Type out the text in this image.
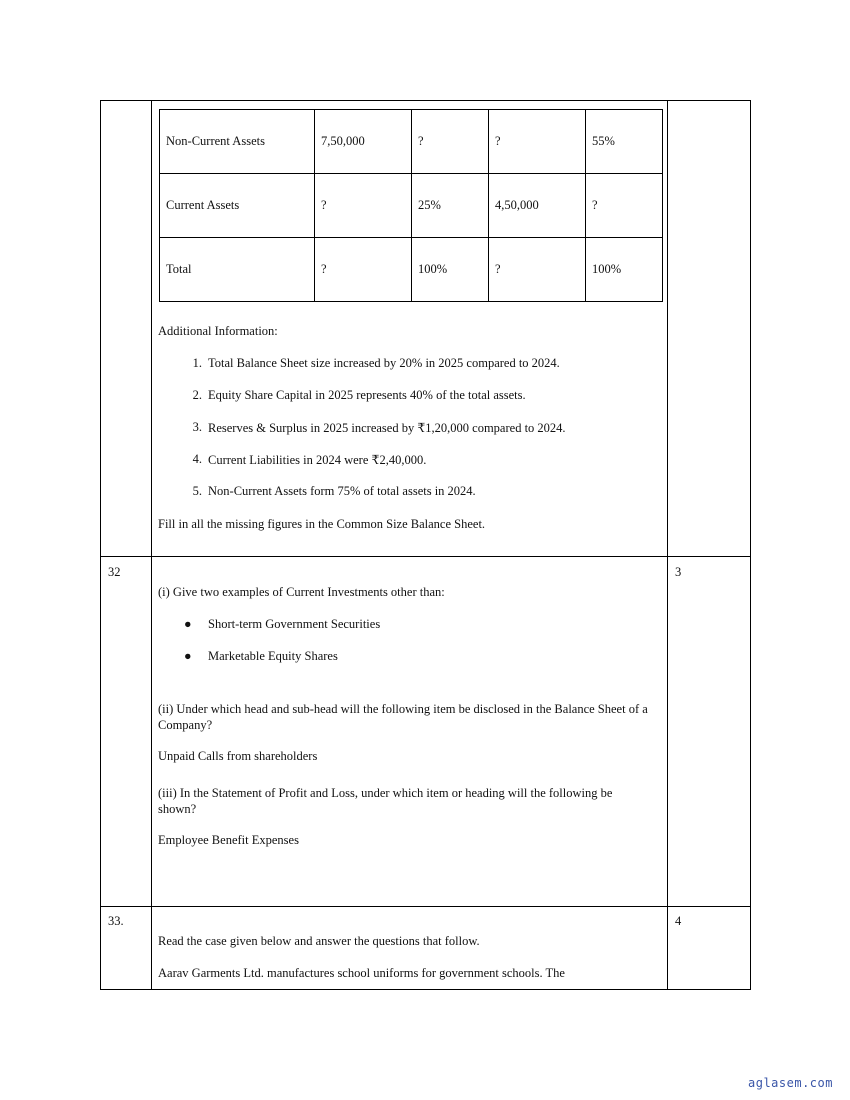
Non-Current Assets	7,50,000	?	?	55%
Current Assets	?	25%	4,50,000	?
Total	?	100%	?	100%
Additional Information:
1. Total Balance Sheet size increased by 20% in 2025 compared to 2024.
2. Equity Share Capital in 2025 represents 40% of the total assets.
3. Reserves & Surplus in 2025 increased by ₹1,20,000 compared to 2024.
4. Current Liabilities in 2024 were ₹2,40,000.
5. Non-Current Assets form 75% of total assets in 2024.
Fill in all the missing figures in the Common Size Balance Sheet.
32	3
(i) Give two examples of Current Investments other than:
● Short-term Government Securities
● Marketable Equity Shares
(ii) Under which head and sub-head will the following item be disclosed in the Balance Sheet of a Company?
Unpaid Calls from shareholders
(iii) In the Statement of Profit and Loss, under which item or heading will the following be shown?
Employee Benefit Expenses
33.	4
Read the case given below and answer the questions that follow.
Aarav Garments Ltd. manufactures school uniforms for government schools. The
aglasem.com
